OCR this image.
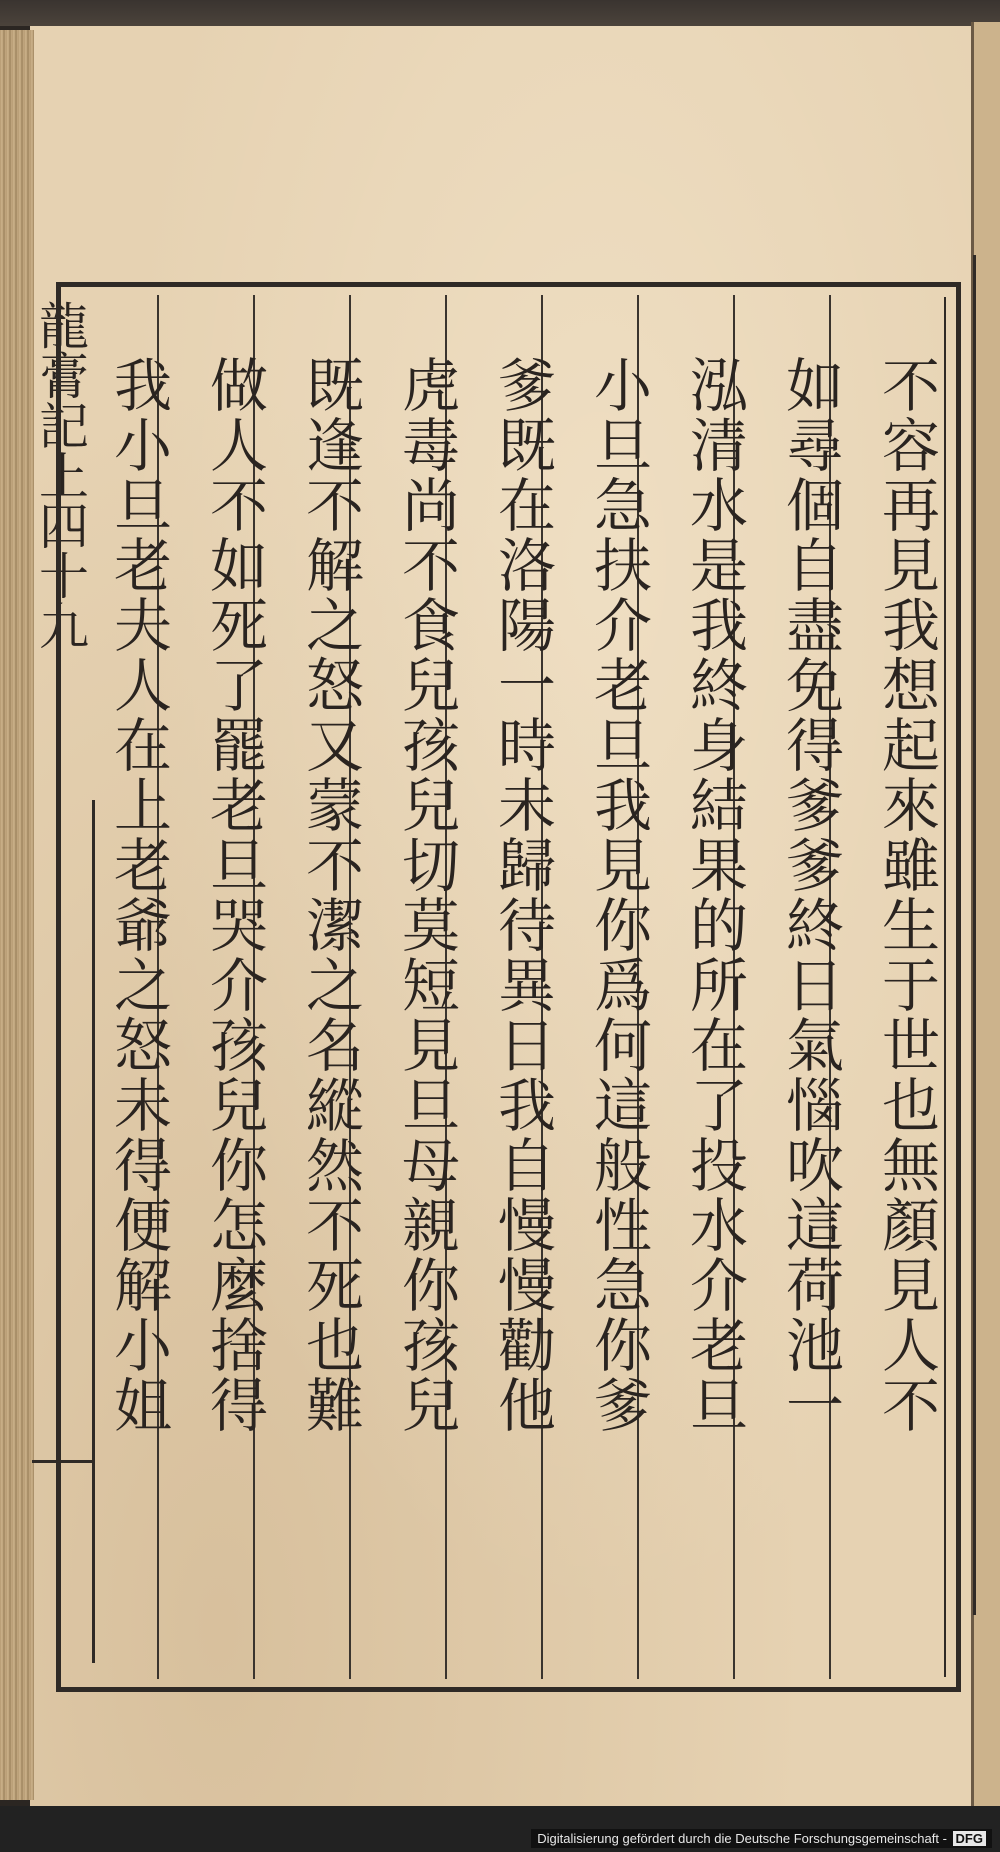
龍膏記上四十九	不容再見我想起來雖生于世也無顏見人不
如尋個自盡免得爹爹終日氣惱吹這荷池一
泓清水是我終身結果的所在了投水介老旦
小旦急扶介老旦我見你爲何這般性急你爹
爹既在洛陽一時未歸待異日我自慢慢勸他
虎毒尚不食兒孩兒切莫短見旦母親你孩兒
既逢不解之怒又蒙不潔之名縱然不死也難
做人不如死了罷老旦哭介孩兒你怎麼捨得
我小旦老夫人在上老爺之怒未得便解小姐
Digitalisierung gefördert durch die Deutsche Forschungsgemeinschaft - DFG
